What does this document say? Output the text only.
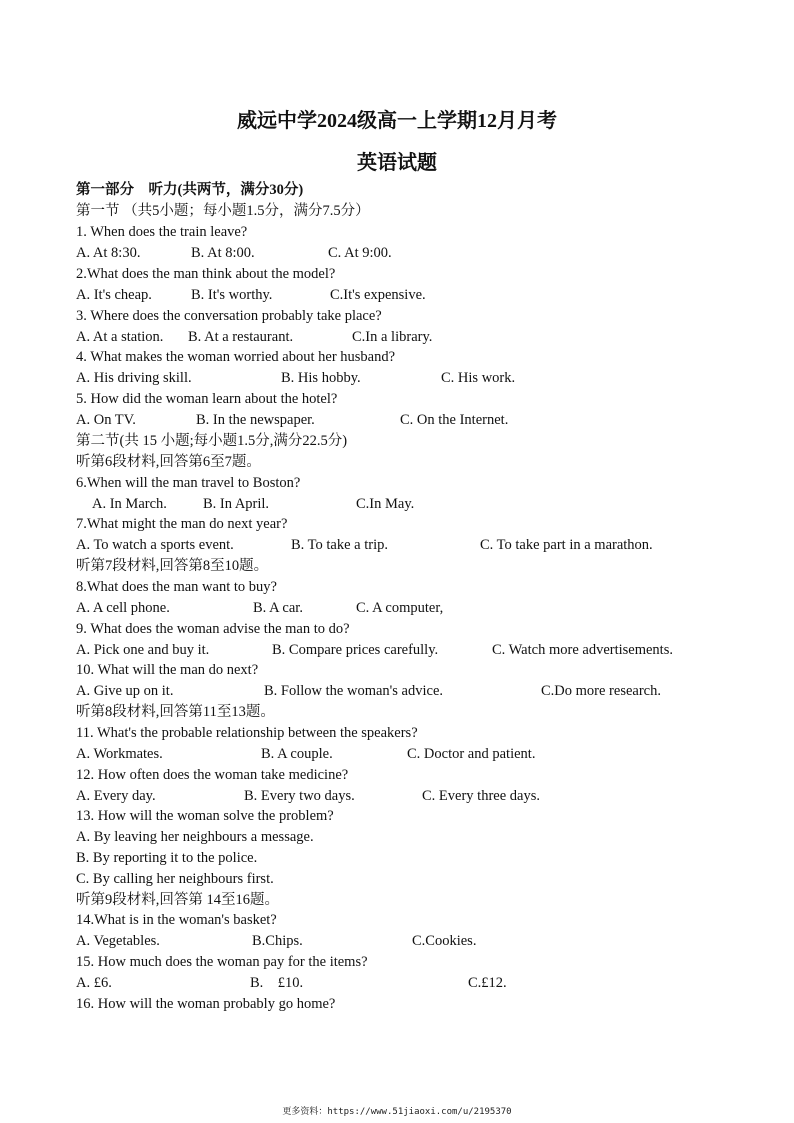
威远中学2024级高一上学期12月月考
英语试题
第一部分　听力(共两节，满分30分)
第一节 （共5小题；每小题1.5分，满分7.5分）
1. When does the train leave?
A. At 8:30.	B. At 8:00.	C. At 9:00.
2.What does the man think about the model?
A. It's cheap.	B. It's worthy.	C.It's expensive.
3. Where does the conversation probably take place?
A. At a station. B. At a restaurant.	C.In a library.
4. What makes the woman worried about her husband?
A. His driving skill.	B. His hobby.	C. His work.
5. How did the woman learn about the hotel?
A. On TV.	B. In the newspaper.	C. On the Internet.
第二节(共 15 小题;每小题1.5分,满分22.5分)
听第6段材料,回答第6至7题。
6.When will the man travel to Boston?
A. In March. B. In April.	C.In May.
7.What might the man do next year?
A. To watch a sports event.	B. To take a trip.	C. To take part in a marathon.
听第7段材料,回答第8至10题。
8.What does the man want to buy?
A. A cell phone.	B. A car.	C. A computer,
9. What does the woman advise the man to do?
A. Pick one and buy it.	B. Compare prices carefully.	C. Watch more advertisements.
10. What will the man do next?
A. Give up on it.	B. Follow the woman's advice.	C.Do more research.
听第8段材料,回答第11至13题。
11. What's the probable relationship between the speakers?
A. Workmates.	B. A couple.	C. Doctor and patient.
12. How often does the woman take medicine?
A. Every day.	B. Every two days.	C. Every three days.
13. How will the woman solve the problem?
A. By leaving her neighbours a message.
B. By reporting it to the police.
C. By calling her neighbours first.
听第9段材料,回答第 14至16题。
14.What is in the woman's basket?
A. Vegetables.	B.Chips.	C.Cookies.
15. How much does the woman pay for the items?
A. £6.	B.　£10.	C.£12.
16. How will the woman probably go home?
更多资料：https://www.51jiaoxi.com/u/2195370
